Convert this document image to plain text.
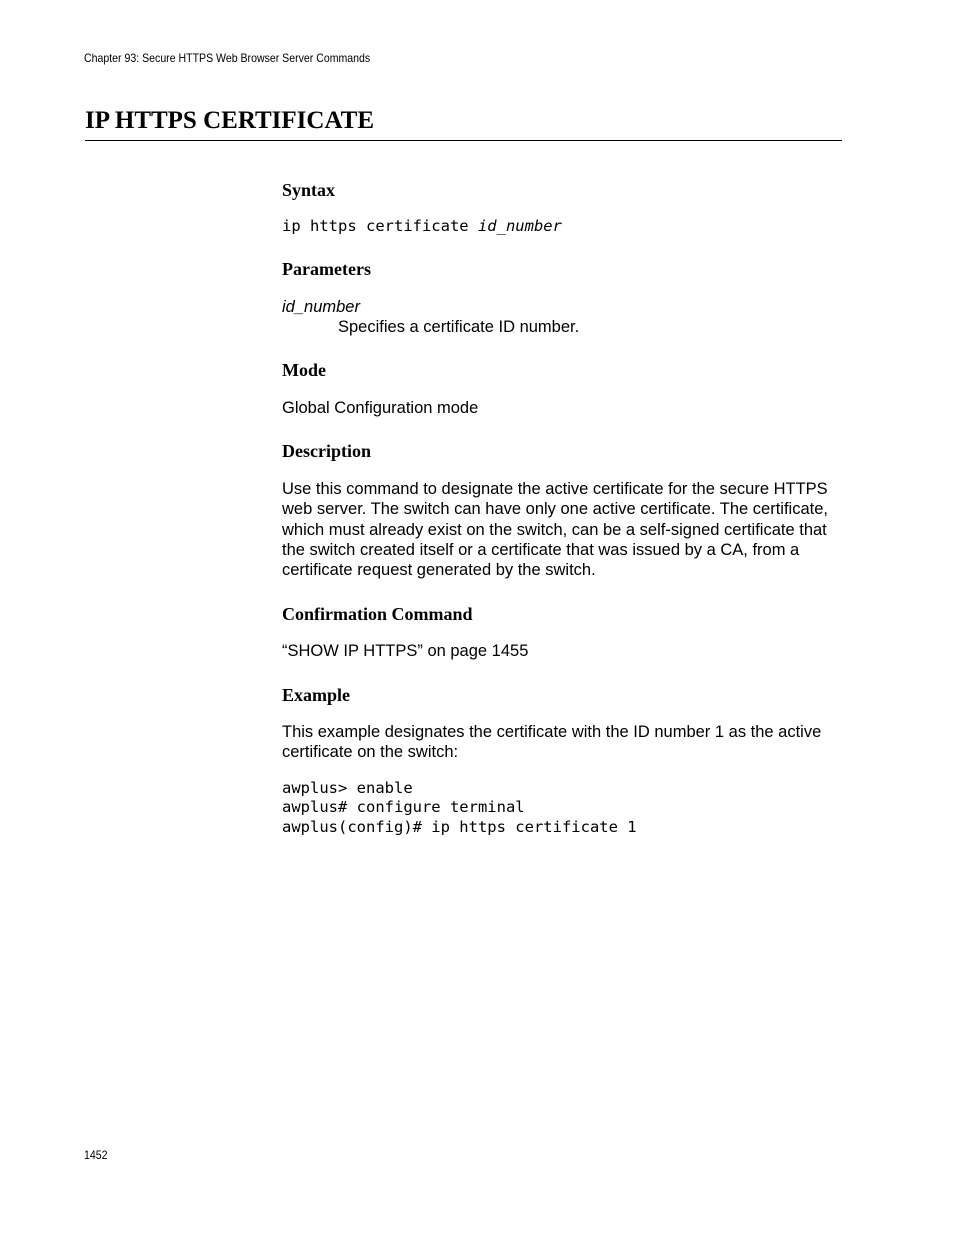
Chapter 93: Secure HTTPS Web Browser Server Commands
IP HTTPS CERTIFICATE
Syntax

ip https certificate id_number

Parameters

id_number

Specifies a certificate ID number.

Mode

Global Configuration mode

Description

Use this command to designate the active certificate for the secure HTTPS web server. The switch can have only one active certificate. The certificate, which must already exist on the switch, can be a self-signed certificate that the switch created itself or a certificate that was issued by a CA, from a certificate request generated by the switch.

Confirmation Command

“SHOW IP HTTPS” on page 1455

Example

This example designates the certificate with the ID number 1 as the active certificate on the switch:

awplus> enable
awplus# configure terminal
awplus(config)# ip https certificate 1
1452
